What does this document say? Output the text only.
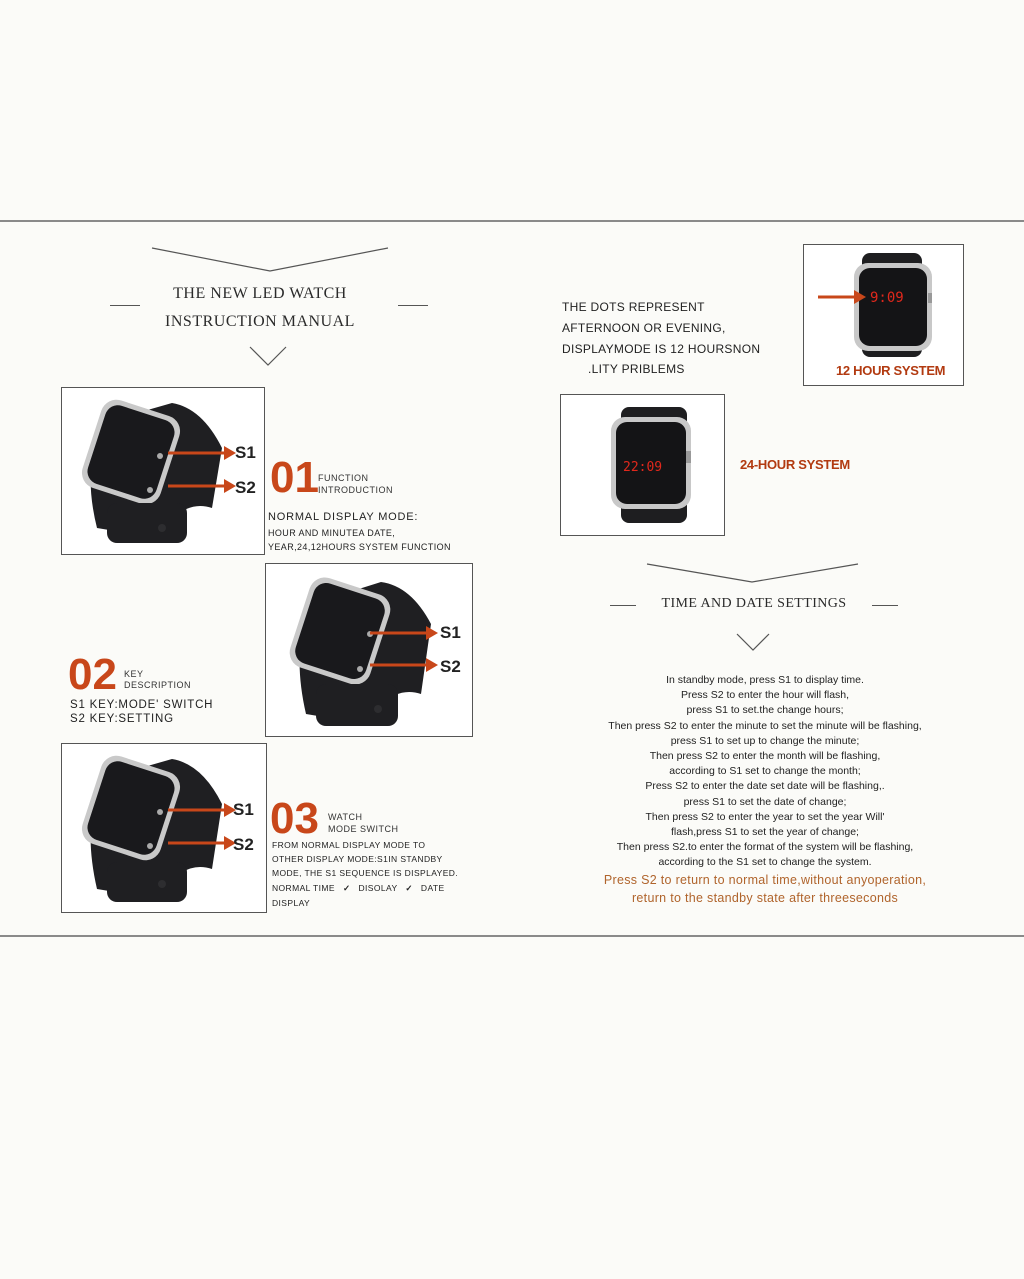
THE NEW LED WATCH
INSTRUCTION MANUAL
S1
S2 01 FUNCTION
INTRODUCTION
NORMAL DISPLAY MODE:
HOUR AND MINUTEA DATE,
YEAR,24,12HOURS SYSTEM FUNCTION
S1
S2
02 KEY
DESCRIPTION
S1 KEY:MODE' SWITCH
S2 KEY:SETTING
S1
S2
03 WATCH
MODE SWITCH
FROM NORMAL DISPLAY MODE TO
OTHER DISPLAY MODE:S1IN STANDBY
MODE, THE S1 SEQUENCE IS DISPLAYED.
NORMAL TIME ✓ DISOLAY ✓ DATE
DISPLAY
THE DOTS REPRESENT
AFTERNOON OR EVENING,
DISPLAYMODE IS 12 HOURSNON
.LITY PRIBLEMS
9:09
12 HOUR SYSTEM
22:09	24-HOUR SYSTEM
TIME AND DATE SETTINGS
In standby mode, press S1 to display time.
Press S2 to enter the hour will flash,
press S1 to set.the change hours;
Then press S2 to enter the minute to set the minute will be flashing,
press S1 to set up to change the minute;
Then press S2 to enter the month will be flashing,
according to S1 set to change the month;
Press S2 to enter the date set date will be flashing,.
press S1 to set the date of change;
Then press S2 to enter the year to set the year Will'
flash,press S1 to set the year of change;
Then press S2.to enter the format of the system will be flashing,
according to the S1 set to change the system.
Press S2 to return to normal time,without anyoperation,
return to the standby state after threeseconds
